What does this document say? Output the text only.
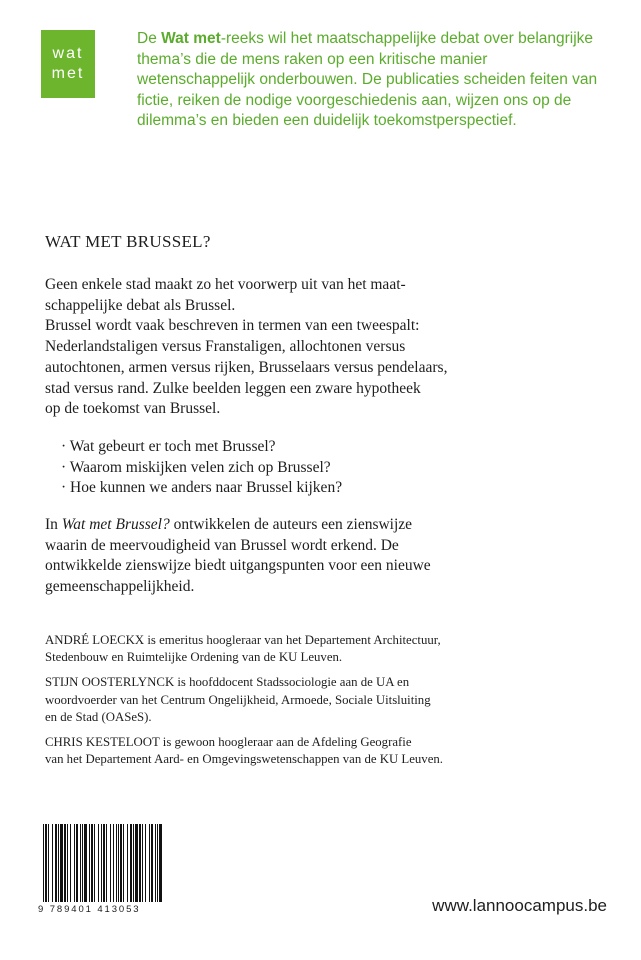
wat
met

De Wat met-reeks wil het maatschappelijke debat over belangrijke thema’s die de mens raken op een kritische manier wetenschappelijk onderbouwen. De publicaties scheiden feiten van fictie, reiken de nodige voorgeschiedenis aan, wijzen ons op de dilemma’s en bieden een duidelijk toekomstperspectief.

WAT MET BRUSSEL?

Geen enkele stad maakt zo het voorwerp uit van het maat-
schappelijke debat als Brussel.
Brussel wordt vaak beschreven in termen van een tweespalt:
Nederlandstaligen versus Franstaligen, allochtonen versus
autochtonen, armen versus rijken, Brusselaars versus pendelaars,
stad versus rand. Zulke beelden leggen een zware hypotheek
op de toekomst van Brussel.

· Wat gebeurt er toch met Brussel?
· Waarom miskijken velen zich op Brussel?
· Hoe kunnen we anders naar Brussel kijken?

In Wat met Brussel? ontwikkelen de auteurs een zienswijze
waarin de meervoudigheid van Brussel wordt erkend. De
ontwikkelde zienswijze biedt uitgangspunten voor een nieuwe
gemeenschappelijkheid.

ANDRÉ LOECKX is emeritus hoogleraar van het Departement Architectuur,
Stedenbouw en Ruimtelijke Ordening van de KU Leuven.

STIJN OOSTERLYNCK is hoofddocent Stadssociologie aan de UA en
woordvoerder van het Centrum Ongelijkheid, Armoede, Sociale Uitsluiting
en de Stad (OASeS).

CHRIS KESTELOOT is gewoon hoogleraar aan de Afdeling Geografie
van het Departement Aard- en Omgevingswetenschappen van de KU Leuven.

9 789401 413053	www.lannoocampus.be
